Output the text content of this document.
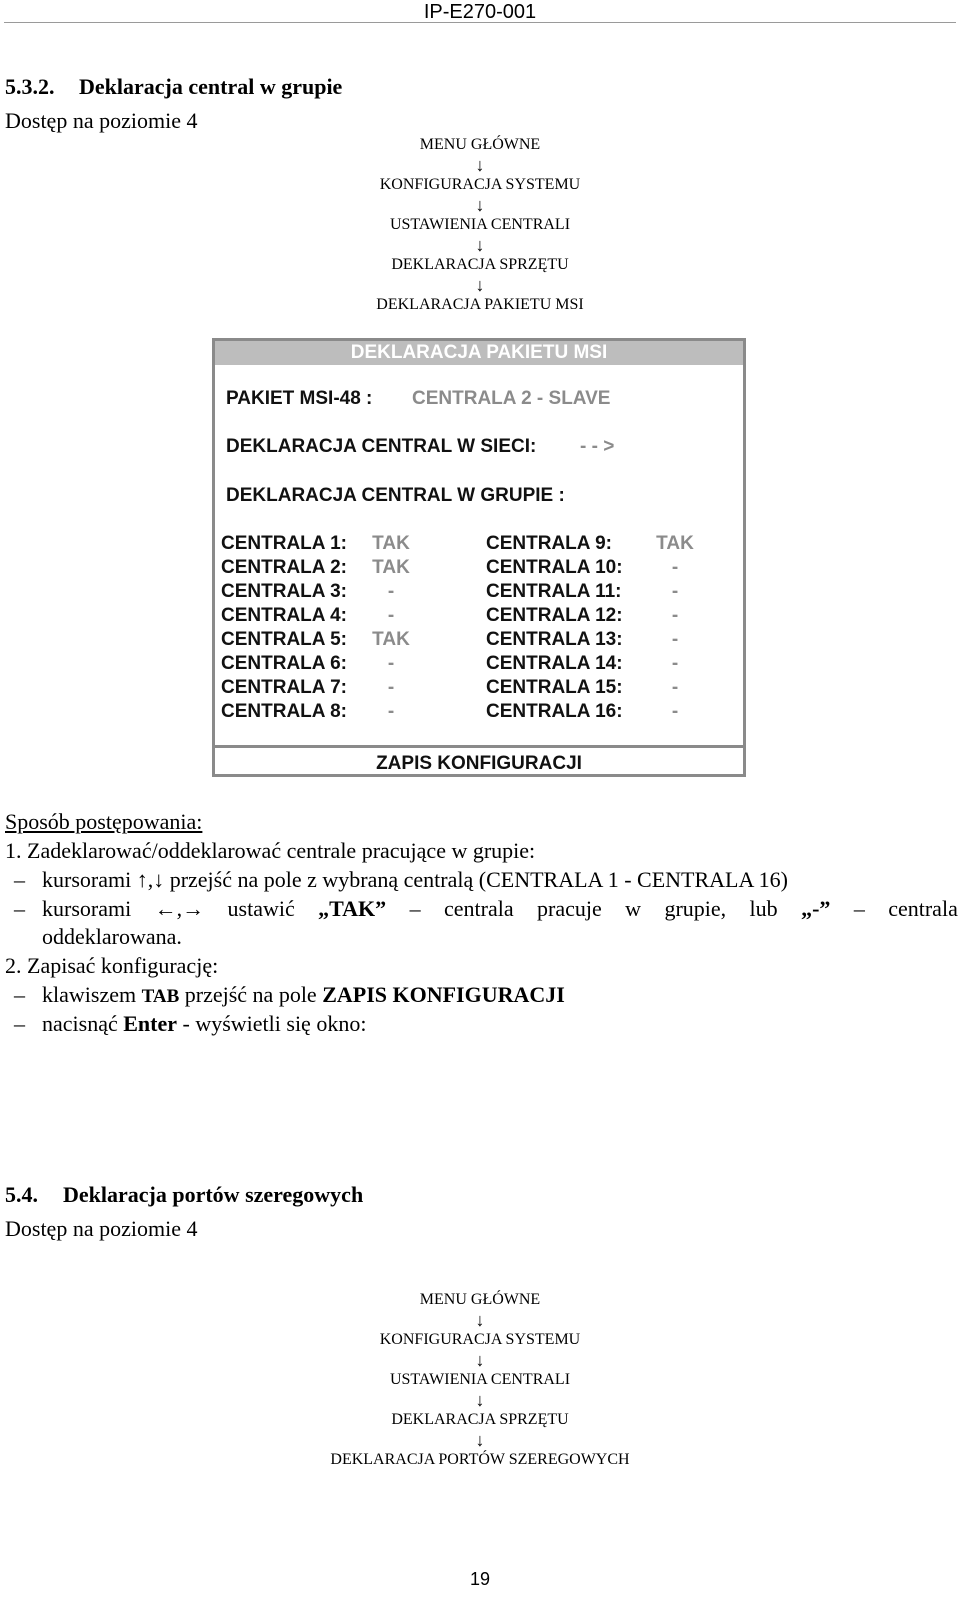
IP-E270-001
5.3.2. Deklaracja central w grupie
Dostęp na poziomie 4
MENU GŁÓWNE
↓
KONFIGURACJA SYSTEMU
↓
USTAWIENIA CENTRALI
↓
DEKLARACJA SPRZĘTU
↓
DEKLARACJA PAKIETU MSI
DEKLARACJA PAKIETU MSI
PAKIET MSI-48 : CENTRALA 2 - SLAVE
DEKLARACJA CENTRAL W SIECI: - - >
DEKLARACJA CENTRAL W GRUPIE :
CENTRALA 1: TAK
CENTRALA 2: TAK
CENTRALA 3:	-
CENTRALA 4:	-
CENTRALA 5: TAK
CENTRALA 6:	-
CENTRALA 7:	-
CENTRALA 8:	-
CENTRALA 9: TAK
CENTRALA 10:	-
CENTRALA 11:	-
CENTRALA 12:	-
CENTRALA 13:	-
CENTRALA 14:	-
CENTRALA 15:	-
CENTRALA 16:	-
ZAPIS KONFIGURACJI
Sposób postępowania:
1. Zadeklarować/oddeklarować centrale pracujące w grupie:
– kursorami ↑,↓ przejść na pole z wybraną centralą (CENTRALA 1 - CENTRALA 16)
– kursorami ←,→ ustawić „TAK” – centrala pracuje w grupie, lub „-” – centrala
oddeklarowana.
2. Zapisać konfigurację:
– klawiszem TAB przejść na pole ZAPIS KONFIGURACJI
– nacisnąć Enter - wyświetli się okno:
5.4. Deklaracja portów szeregowych
Dostęp na poziomie 4
MENU GŁÓWNE
↓
KONFIGURACJA SYSTEMU
↓
USTAWIENIA CENTRALI
↓
DEKLARACJA SPRZĘTU
↓
DEKLARACJA PORTÓW SZEREGOWYCH
19
